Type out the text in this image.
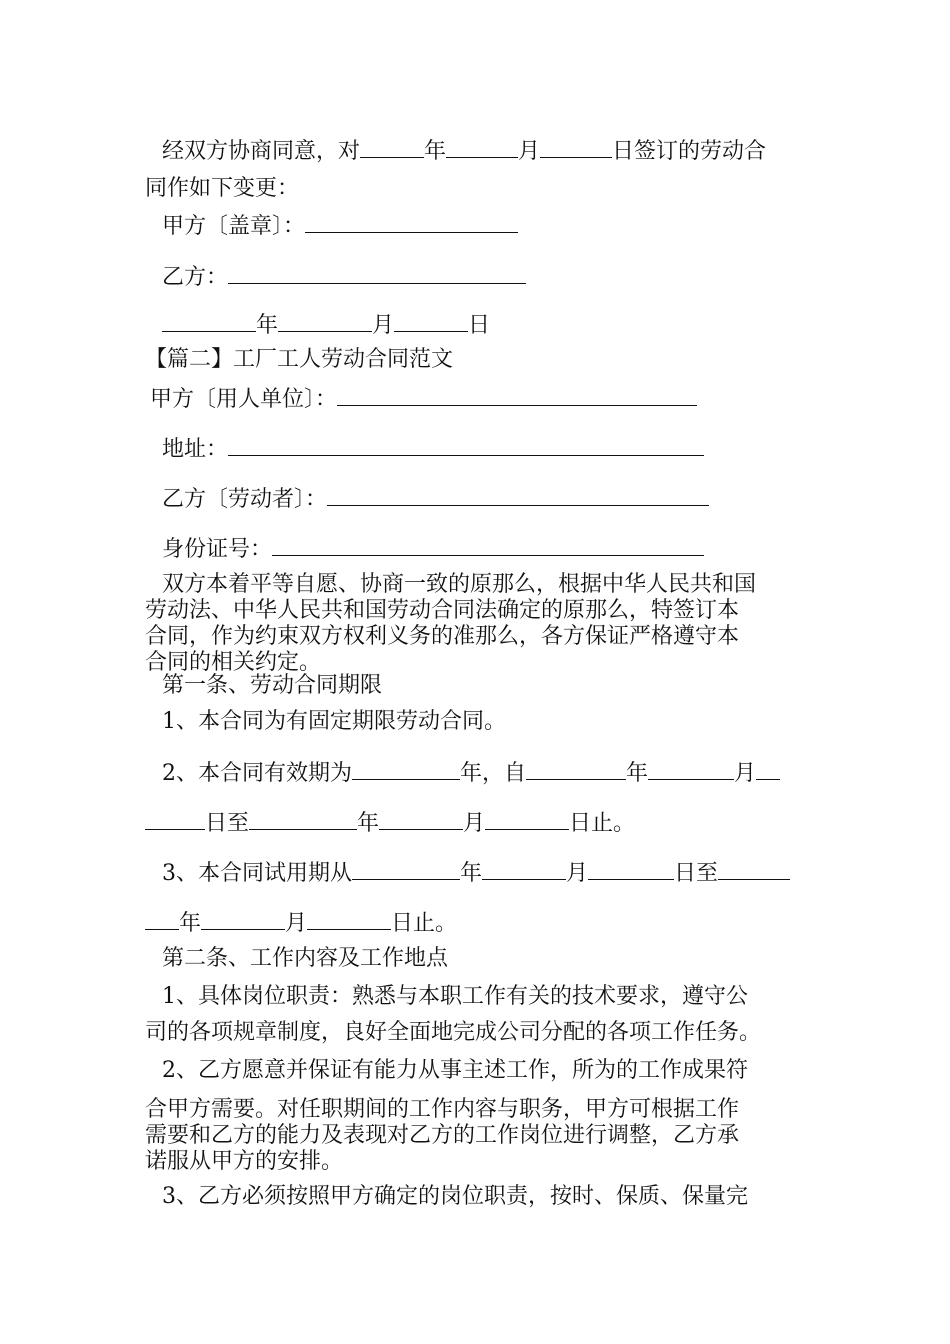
经双方协商同意，对	年	月	日签订的劳动合
同作如下变更：
甲方〔盖章〕：
乙方：
年	月	日
【篇二】工厂工人劳动合同范文
甲方〔用人单位〕：
地址：
乙方〔劳动者〕：
身份证号：
双方本着平等自愿、协商一致的原那么，根据中华人民共和国
劳动法、中华人民共和国劳动合同法确定的原那么，特签订本
合同，作为约束双方权利义务的准那么，各方保证严格遵守本
合同的相关约定。
第一条、劳动合同期限
1、本合同为有固定期限劳动合同。
2、本合同有效期为	年，自	年	月
日至	年	月	日止。
3、本合同试用期从	年	月	日至
年	月	日止。
第二条、工作内容及工作地点
1、具体岗位职责：熟悉与本职工作有关的技术要求，遵守公
司的各项规章制度，良好全面地完成公司分配的各项工作任务。
2、乙方愿意并保证有能力从事主述工作，所为的工作成果符
合甲方需要。对任职期间的工作内容与职务，甲方可根据工作
需要和乙方的能力及表现对乙方的工作岗位进行调整，乙方承
诺服从甲方的安排。
3、乙方必须按照甲方确定的岗位职责，按时、保质、保量完
